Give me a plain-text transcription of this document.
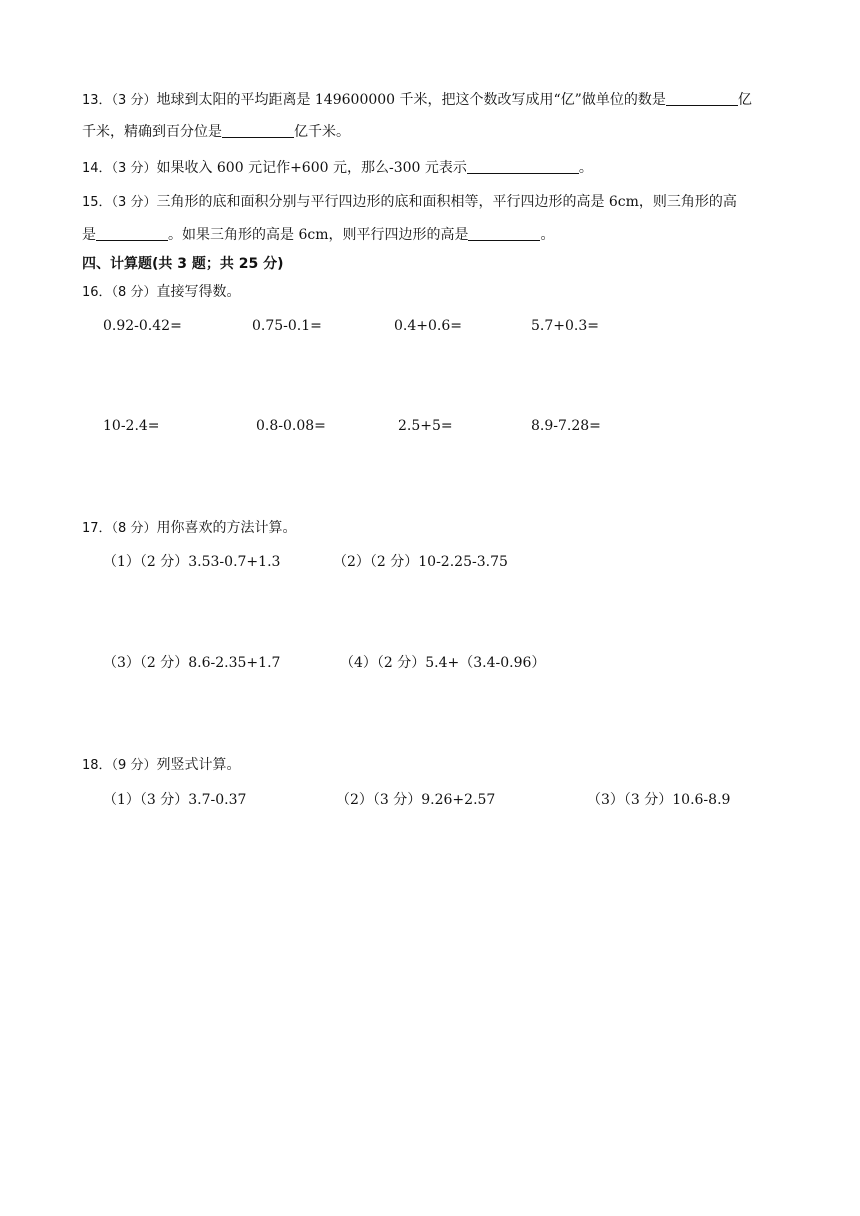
13．（3 分）地球到太阳的平均距离是 149600000 千米，把这个数改写成用“亿”做单位的数是	亿
千米，精确到百分位是	亿千米。
14．（3 分）如果收入 600 元记作+600 元，那么-300 元表示	。
15．（3 分）三角形的底和面积分别与平行四边形的底和面积相等，平行四边形的高是 6cm，则三角形的高
是	。如果三角形的高是 6cm，则平行四边形的高是	。
四、计算题(共 3 题；共 25 分)
16．（8 分）直接写得数。
0.92-0.42=	0.75-0.1=	0.4+0.6=	5.7+0.3=
10-2.4=	0.8-0.08=	2.5+5=	8.9-7.28=
17．（8 分）用你喜欢的方法计算。
（1）（2 分）3.53-0.7+1.3	（2）（2 分）10-2.25-3.75
（3）（2 分）8.6-2.35+1.7	（4）（2 分）5.4+（3.4-0.96）
18．（9 分）列竖式计算。
（1）（3 分）3.7-0.37	（2）（3 分）9.26+2.57	（3）（3 分）10.6-8.9
